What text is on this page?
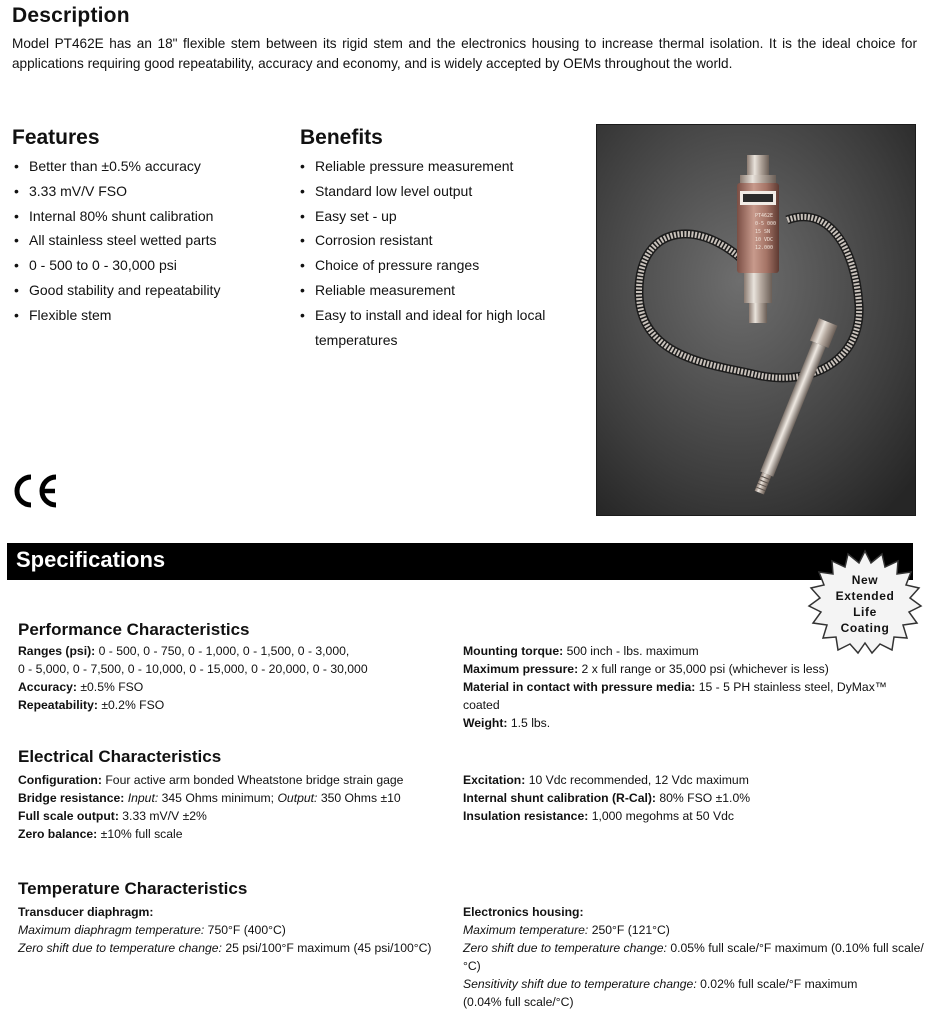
Description
Model PT462E has an 18" flexible stem between its rigid stem and the electronics housing to increase thermal isolation. It is the ideal choice for applications requiring good repeatability, accuracy and economy, and is widely accepted by OEMs throughout the world.
Features
• Better than ±0.5% accuracy
• 3.33 mV/V FSO
• Internal 80% shunt calibration
• All stainless steel wetted parts
• 0 - 500 to 0 - 30,000 psi
• Good stability and repeatability
• Flexible stem
Benefits
• Reliable pressure measurement
• Standard low level output
• Easy set - up
• Corrosion resistant
• Choice of pressure ranges
• Reliable measurement
• Easy to install and ideal for high local temperatures
PT462E
0-5 000
15 SN
10 VDC
12.000
Specifications
New
Extended
Life
Coating
Performance Characteristics

Ranges (psi): 0 - 500, 0 - 750, 0 - 1,000, 0 - 1,500, 0 - 3,000,

0 - 5,000, 0 - 7,500, 0 - 10,000, 0 - 15,000, 0 - 20,000, 0 - 30,000

Accuracy: ±0.5% FSO

Repeatability: ±0.2% FSO

Mounting torque: 500 inch - lbs. maximum

Maximum pressure: 2 x full range or 35,000 psi (whichever is less)

Material in contact with pressure media: 15 - 5 PH stainless steel, DyMax™ coated

Weight: 1.5 lbs.

Electrical Characteristics

Configuration: Four active arm bonded Wheatstone bridge strain gage

Bridge resistance: Input: 345 Ohms minimum; Output: 350 Ohms ±10

Full scale output: 3.33 mV/V ±2%

Zero balance: ±10% full scale

Excitation: 10 Vdc recommended, 12 Vdc maximum

Internal shunt calibration (R-Cal): 80% FSO ±1.0%

Insulation resistance: 1,000 megohms at 50 Vdc

Temperature Characteristics

Transducer diaphragm:

Maximum diaphragm temperature: 750°F (400°C)

Zero shift due to temperature change: 25 psi/100°F maximum (45 psi/100°C)

Electronics housing:

Maximum temperature: 250°F (121°C)

Zero shift due to temperature change: 0.05% full scale/°F maximum (0.10% full scale/°C)

Sensitivity shift due to temperature change: 0.02% full scale/°F maximum

(0.04% full scale/°C)
